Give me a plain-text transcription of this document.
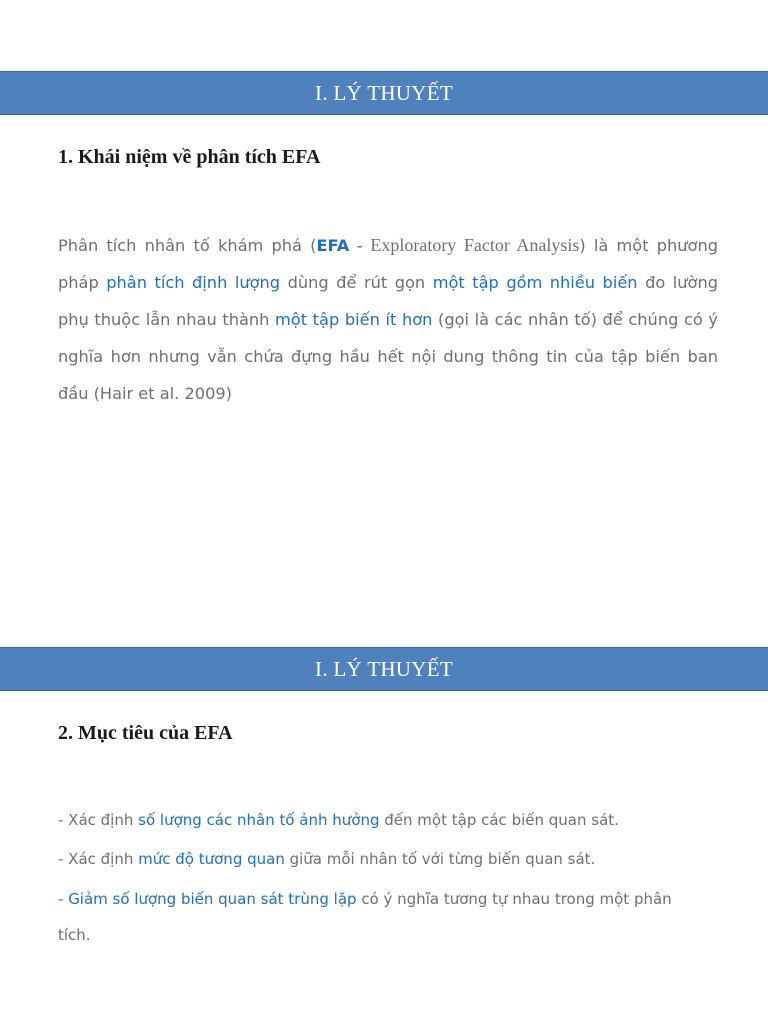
I. LÝ THUYẾT
1. Khái niệm về phân tích EFA

Phân tích nhân tố khám phá (EFA - Exploratory Factor Analysis) là một phương pháp phân tích định lượng dùng để rút gọn một tập gồm nhiều biến đo lường phụ thuộc lẫn nhau thành một tập biến ít hơn (gọi là các nhân tố) để chúng có ý nghĩa hơn nhưng vẫn chứa đựng hầu hết nội dung thông tin của tập biến ban đầu (Hair et al. 2009)

I. LÝ THUYẾT
2. Mục tiêu của EFA

- Xác định số lượng các nhân tố ảnh hưởng đến một tập các biến quan sát.

- Xác định mức độ tương quan giữa mỗi nhân tố với từng biến quan sát.

- Giảm số lượng biến quan sát trùng lặp có ý nghĩa tương tự nhau trong một phân tích.
